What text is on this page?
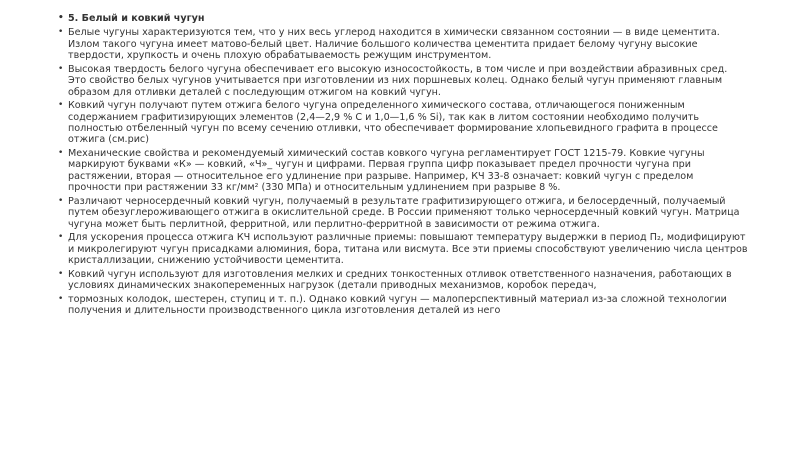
• 5. Белый и ковкий чугун
• Белые чугуны характеризуются тем, что у них весь углерод находится в химически связанном состоянии — в виде цементита. Излом такого чугуна имеет матово-белый цвет. Наличие большого количества цементита придает белому чугуну высокие твердости, хрупкость и очень плохую обрабатываемость режущим инструментом.
• Высокая твердость белого чугуна обеспечивает его высокую износостойкость, в том числе и при воздействии абразивных сред. Это свойство белых чугунов учитывается при изготовлении из них поршневых колец. Однако белый чугун применяют главным образом для отливки деталей с последующим отжигом на ковкий чугун.
• Ковкий чугун получают путем отжига белого чугуна определенного химического состава, отличающегося пониженным содержанием графитизирующих элементов (2,4—2,9 % С и 1,0—1,6 % Si), так как в литом состоянии необходимо получить полностью отбеленный чугун по всему сечению отливки, что обеспечивает формирование хлопьевидного графита в процессе отжига (см.рис)
• Механические свойства и рекомендуемый химический состав ковкого чугуна регламентирует ГОСТ 1215-79. Ковкие чугуны маркируют буквами «К» — ковкий, «Ч»_ чугун и цифрами. Первая группа цифр показывает предел прочности чугуна при растяжении, вторая — относительное его удлинение при разрыве. Например, КЧ 33-8 означает: ковкий чугун с пределом прочности при растяжении 33 кг/мм² (330 МПа) и относительным удлинением при разрыве 8 %.
• Различают черносердечный ковкий чугун, получаемый в результате графитизирующего отжига, и белосердечный, получаемый путем обезуглероживающего отжига в окислительной среде. В России применяют только черносердечный ковкий чугун. Матрица чугуна может быть перлитной, ферритной, или перлитно-ферритной в зависимости от режима отжига.
• Для ускорения процесса отжига КЧ используют различные приемы: повышают температуру выдержки в период П₂, модифицируют и микролегируют чугун присадками алюминия, бора, титана или висмута. Все эти приемы способствуют увеличению числа центров кристаллизации, снижению устойчивости цементита.
• Ковкий чугун используют для изготовления мелких и средних тонкостенных отливок ответственного назначения, работающих в условиях динамических знакопеременных нагрузок (детали приводных механизмов, коробок передач,
• тормозных колодок, шестерен, ступиц и т. п.). Однако ковкий чугун — малоперспективный материал из-за сложной технологии получения и длительности производственного цикла изготовления деталей из него
